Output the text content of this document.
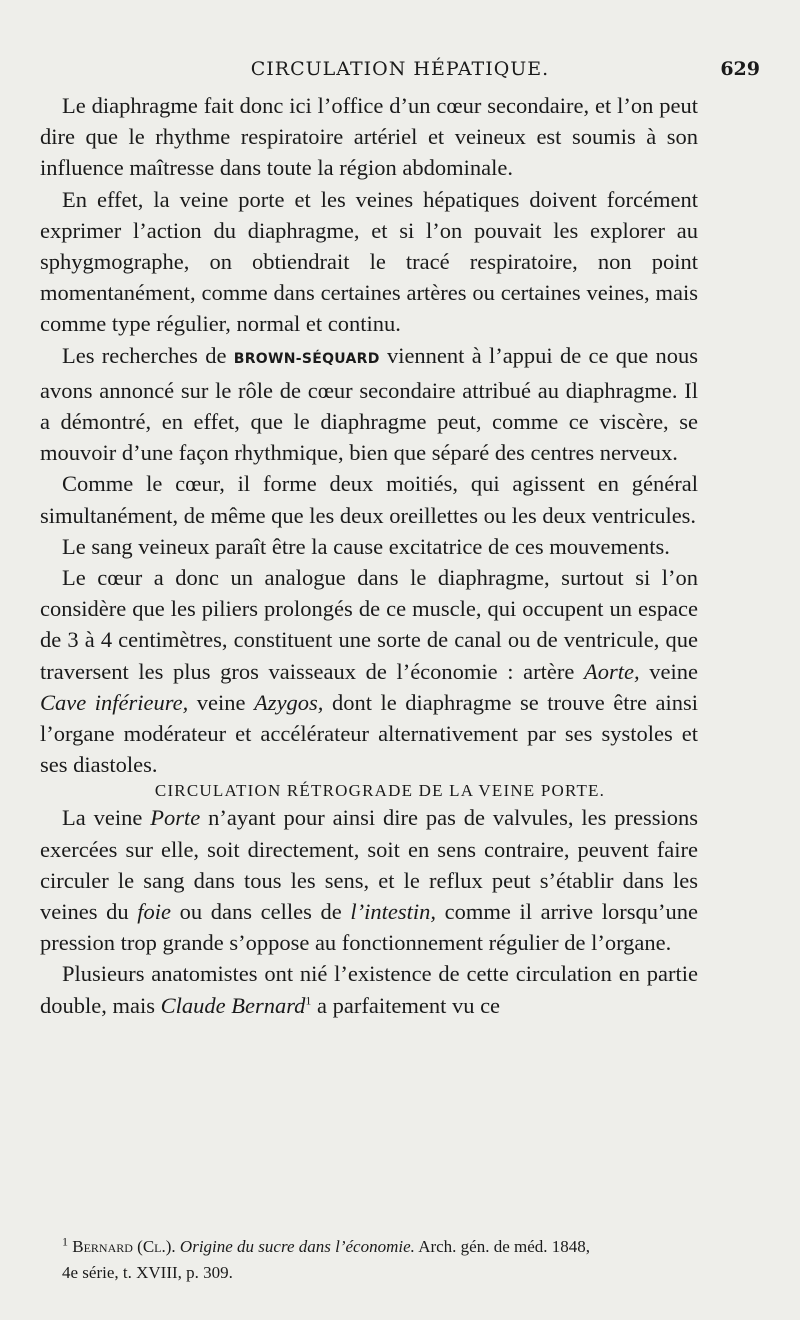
CIRCULATION HÉPATIQUE.	629

Le diaphragme fait donc ici l’office d’un cœur secondaire, et l’on peut dire que le rhythme respiratoire artériel et veineux est soumis à son influence maîtresse dans toute la région abdominale.

En effet, la veine porte et les veines hépatiques doivent forcément exprimer l’action du diaphragme, et si l’on pouvait les explorer au sphygmographe, on obtiendrait le tracé respiratoire, non point momentanément, comme dans certaines artères ou certaines veines, mais comme type régulier, normal et continu.

Les recherches de BROWN-SÉQUARD viennent à l’appui de ce que nous avons annoncé sur le rôle de cœur secondaire attribué au diaphragme. Il a démontré, en effet, que le diaphragme peut, comme ce viscère, se mouvoir d’une façon rhythmique, bien que séparé des centres nerveux.

Comme le cœur, il forme deux moitiés, qui agissent en général simultanément, de même que les deux oreillettes ou les deux ventricules.

Le sang veineux paraît être la cause excitatrice de ces mouvements.

Le cœur a donc un analogue dans le diaphragme, surtout si l’on considère que les piliers prolongés de ce muscle, qui occupent un espace de 3 à 4 centimètres, constituent une sorte de canal ou de ventricule, que traversent les plus gros vaisseaux de l’économie : artère Aorte, veine Cave inférieure, veine Azygos, dont le diaphragme se trouve être ainsi l’organe modérateur et accélérateur alternativement par ses systoles et ses diastoles.

CIRCULATION RÉTROGRADE DE LA VEINE PORTE.

La veine Porte n’ayant pour ainsi dire pas de valvules, les pressions exercées sur elle, soit directement, soit en sens contraire, peuvent faire circuler le sang dans tous les sens, et le reflux peut s’établir dans les veines du foie ou dans celles de l’intestin, comme il arrive lorsqu’une pression trop grande s’oppose au fonctionnement régulier de l’organe.

Plusieurs anatomistes ont nié l’existence de cette circulation en partie double, mais Claude Bernard$^1$ a parfaitement vu ce

$^1$ Bernard (Cl.). Origine du sucre dans l’économie. Arch. gén. de méd. 1848,

4e série, t. XVIII, p. 309.
